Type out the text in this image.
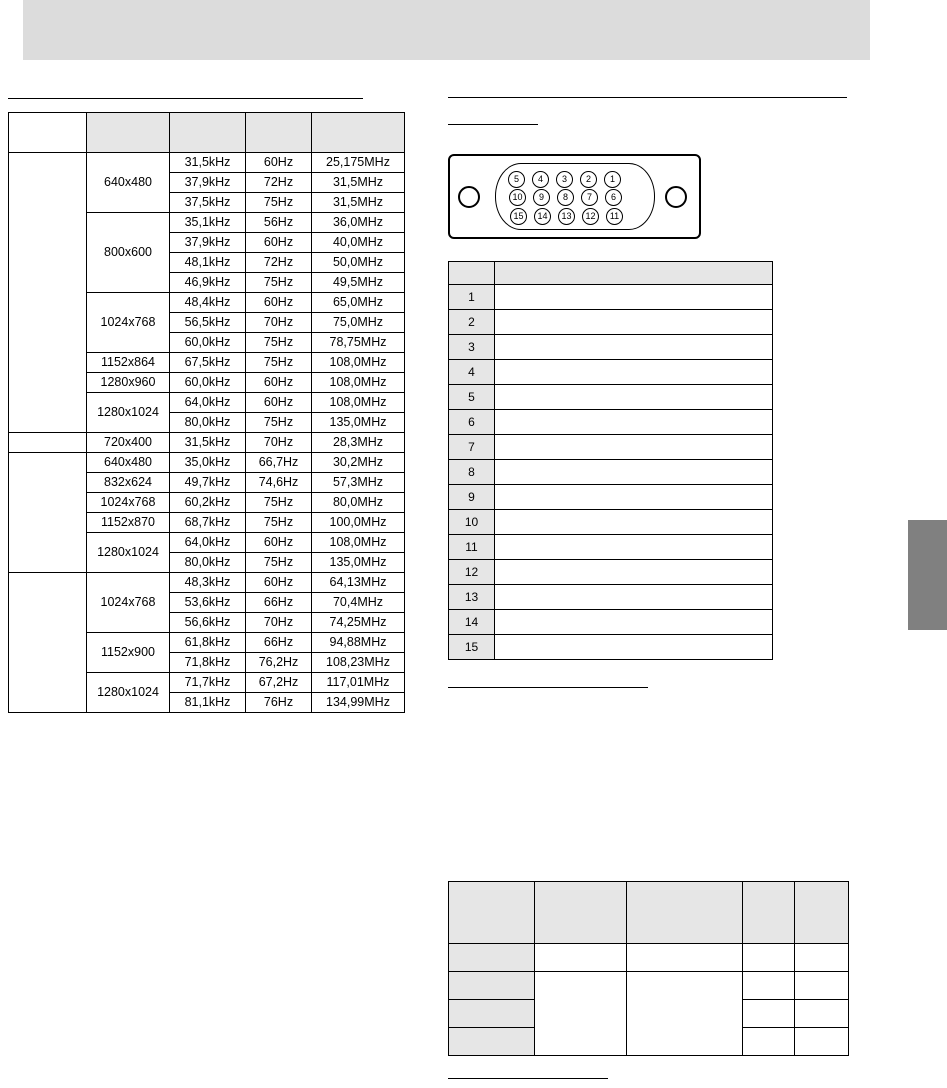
	640x480	31,5kHz	60Hz	25,175MHz
		37,9kHz	72Hz	31,5MHz
		37,5kHz	75Hz	31,5MHz
	800x600	35,1kHz	56Hz	36,0MHz
		37,9kHz	60Hz	40,0MHz
		48,1kHz	72Hz	50,0MHz
		46,9kHz	75Hz	49,5MHz
	1024x768	48,4kHz	60Hz	65,0MHz
		56,5kHz	70Hz	75,0MHz
		60,0kHz	75Hz	78,75MHz
	1152x864	67,5kHz	75Hz	108,0MHz
	1280x960	60,0kHz	60Hz	108,0MHz
	1280x1024	64,0kHz	60Hz	108,0MHz
		80,0kHz	75Hz	135,0MHz
	720x400	31,5kHz	70Hz	28,3MHz
	640x480	35,0kHz	66,7Hz	30,2MHz
	832x624	49,7kHz	74,6Hz	57,3MHz
	1024x768	60,2kHz	75Hz	80,0MHz
	1152x870	68,7kHz	75Hz	100,0MHz
	1280x1024	64,0kHz	60Hz	108,0MHz
		80,0kHz	75Hz	135,0MHz
	1024x768	48,3kHz	60Hz	64,13MHz
		53,6kHz	66Hz	70,4MHz
		56,6kHz	70Hz	74,25MHz
	1152x900	61,8kHz	66Hz	94,88MHz
		71,8kHz	76,2Hz	108,23MHz
	1280x1024	71,7kHz	67,2Hz	117,01MHz
		81,1kHz	76Hz	134,99MHz
5	4	3	2	1
10	9	8	7	6
15	14	13	12	11

1	
2	
3	
4	
5	
6	
7	
8	
9	
10	
11	
12	
13	
14	
15	
